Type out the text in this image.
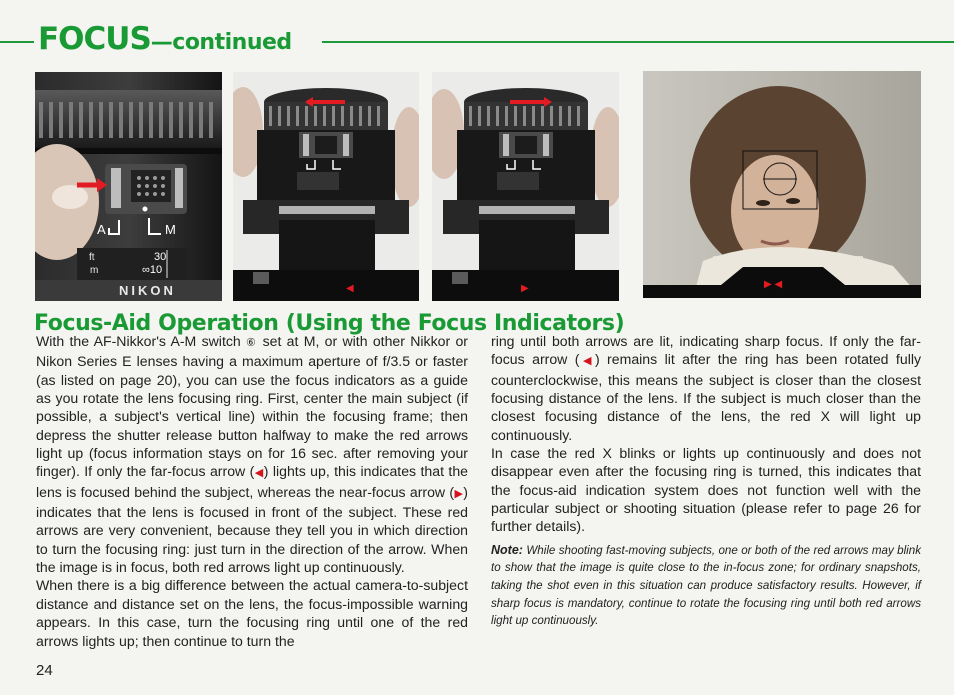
FOCUS—continued
A	M
ft
m
30
∞10
NIKON	◀	▶	▶ ◀
Focus-Aid Operation (Using the Focus Indicators)

With the AF-Nikkor's A-M switch ⑥ set at M, or with other Nikkor or Nikon Series E lenses having a maximum aperture of f/3.5 or faster (as listed on page 20), you can use the focus indicators as a guide as you rotate the lens focusing ring. First, center the main subject (if possible, a subject's vertical line) within the focusing frame; then depress the shutter release button halfway to make the red arrows light up (focus information stays on for 16 sec. after removing your finger). If only the far-focus arrow (◀) lights up, this indicates that the lens is focused behind the subject, whereas the near-focus arrow (▶) indicates that the lens is focused in front of the subject. These red arrows are very convenient, because they tell you in which direction to turn the focusing ring: just turn in the direction of the arrow. When the image is in focus, both red arrows light up continuously.

When there is a big difference between the actual camera-to-subject distance and distance set on the lens, the focus-impossible warning appears. In this case, turn the focusing ring until one of the red arrows lights up; then continue to turn the

ring until both arrows are lit, indicating sharp focus. If only the far-focus arrow (◀) remains lit after the ring has been rotated fully counterclockwise, this means the subject is closer than the closest focusing distance of the lens. If the subject is much closer than the closest focusing distance of the lens, the red X will light up continuously.

In case the red X blinks or lights up continuously and does not disappear even after the focusing ring is turned, this indicates that the focus-aid indication system does not function well with the particular subject or shooting situation (please refer to page 26 for further details).

Note: While shooting fast-moving subjects, one or both of the red arrows may blink to show that the image is quite close to the in-focus zone; for ordinary snapshots, taking the shot even in this situation can produce satisfactory results. However, if sharp focus is mandatory, continue to rotate the focusing ring until both red arrows light up continuously.

24
